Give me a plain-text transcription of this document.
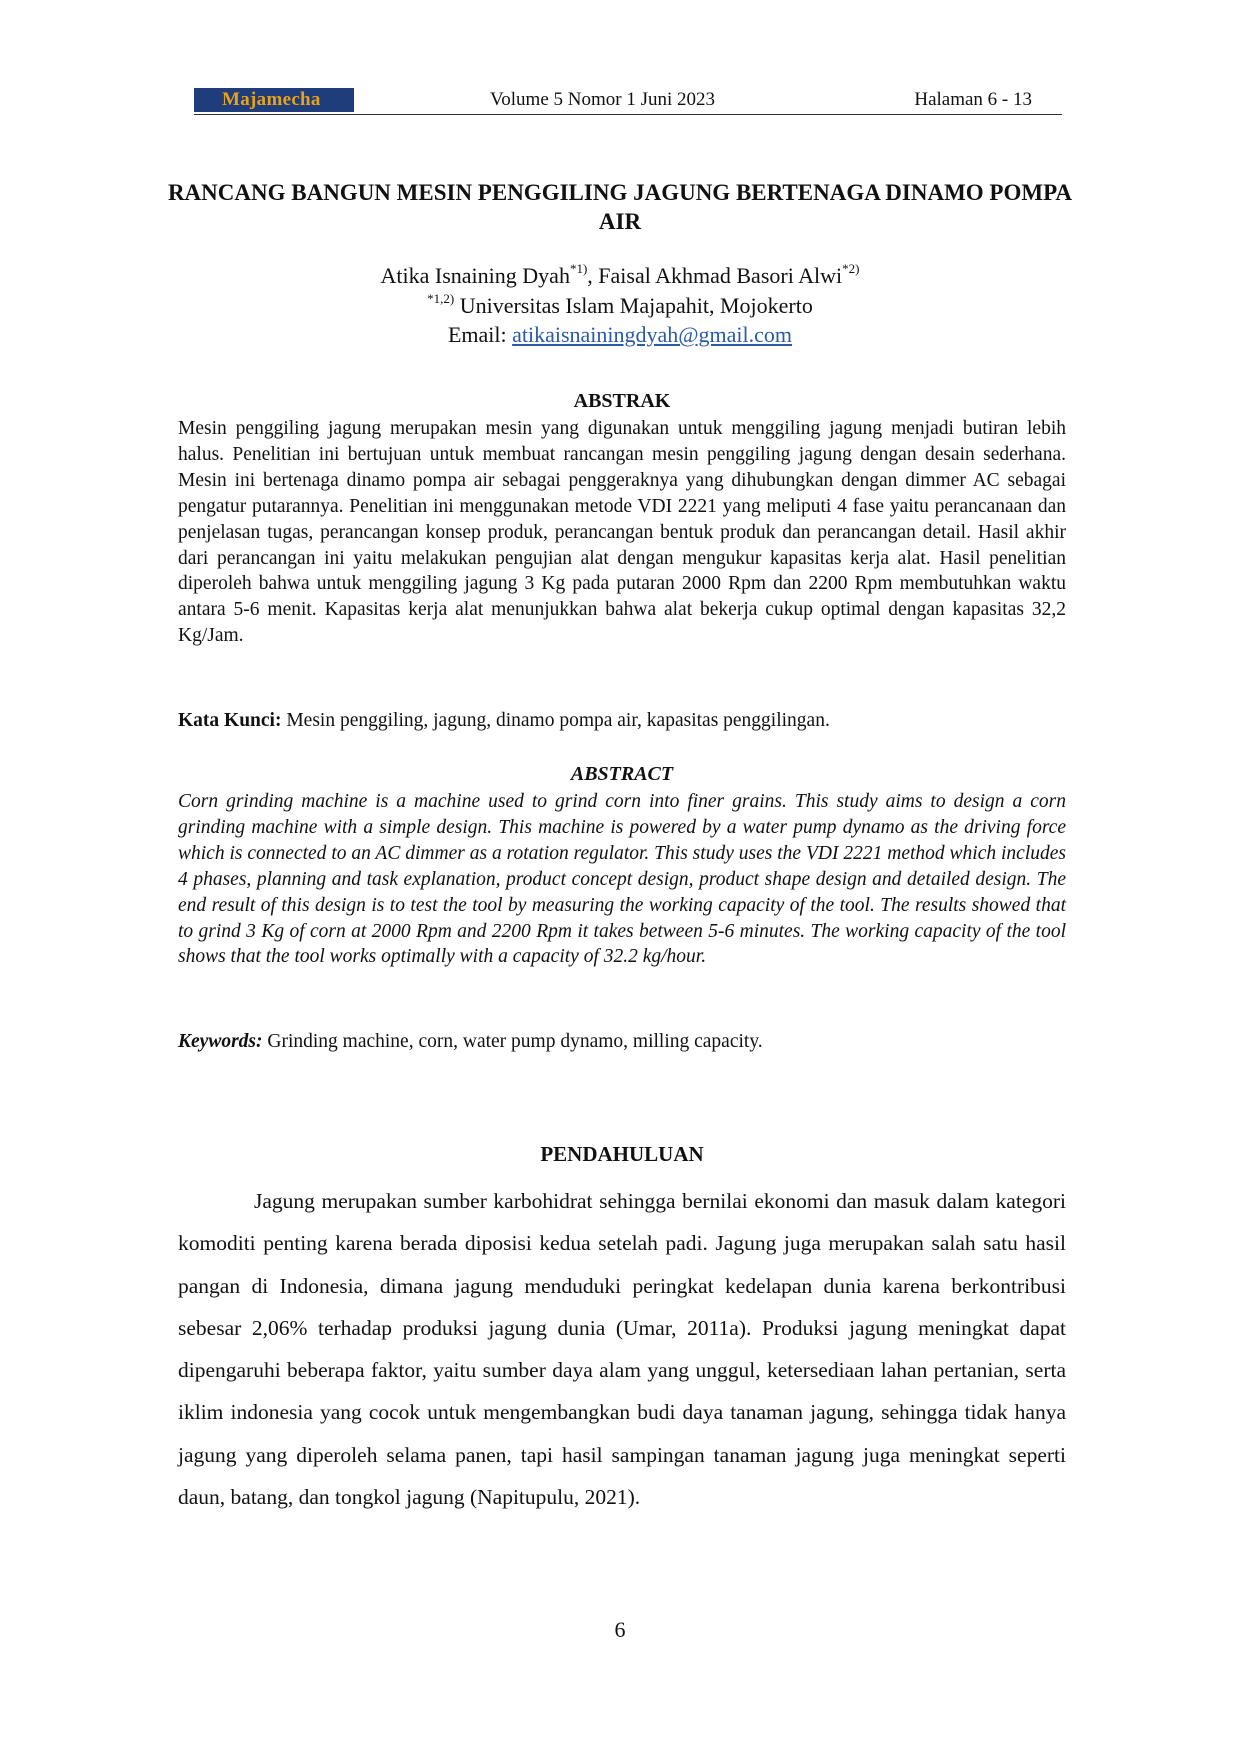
Majamecha	Volume 5 Nomor 1 Juni 2023	Halaman 6 - 13
RANCANG BANGUN MESIN PENGGILING JAGUNG BERTENAGA DINAMO POMPA AIR
Atika Isnaining Dyah$^{*1)}$, Faisal Akhmad Basori Alwi$^{*2)}$
$^{*1,2)}$ Universitas Islam Majapahit, Mojokerto
Email: atikaisnainingdyah@gmail.com
ABSTRAK
Mesin penggiling jagung merupakan mesin yang digunakan untuk menggiling jagung menjadi butiran lebih halus. Penelitian ini bertujuan untuk membuat rancangan mesin penggiling jagung dengan desain sederhana. Mesin ini bertenaga dinamo pompa air sebagai penggeraknya yang dihubungkan dengan dimmer AC sebagai pengatur putarannya. Penelitian ini menggunakan metode VDI 2221 yang meliputi 4 fase yaitu perancanaan dan penjelasan tugas, perancangan konsep produk, perancangan bentuk produk dan perancangan detail. Hasil akhir dari perancangan ini yaitu melakukan pengujian alat dengan mengukur kapasitas kerja alat. Hasil penelitian diperoleh bahwa untuk menggiling jagung 3 Kg pada putaran 2000 Rpm dan 2200 Rpm membutuhkan waktu antara 5-6 menit. Kapasitas kerja alat menunjukkan bahwa alat bekerja cukup optimal dengan kapasitas 32,2 Kg/Jam.
Kata Kunci: Mesin penggiling, jagung, dinamo pompa air, kapasitas penggilingan.
ABSTRACT
Corn grinding machine is a machine used to grind corn into finer grains. This study aims to design a corn grinding machine with a simple design. This machine is powered by a water pump dynamo as the driving force which is connected to an AC dimmer as a rotation regulator. This study uses the VDI 2221 method which includes 4 phases, planning and task explanation, product concept design, product shape design and detailed design. The end result of this design is to test the tool by measuring the working capacity of the tool. The results showed that to grind 3 Kg of corn at 2000 Rpm and 2200 Rpm it takes between 5-6 minutes. The working capacity of the tool shows that the tool works optimally with a capacity of 32.2 kg/hour.
Keywords: Grinding machine, corn, water pump dynamo, milling capacity.
PENDAHULUAN
Jagung merupakan sumber karbohidrat sehingga bernilai ekonomi dan masuk dalam kategori komoditi penting karena berada diposisi kedua setelah padi. Jagung juga merupakan salah satu hasil pangan di Indonesia, dimana jagung menduduki peringkat kedelapan dunia karena berkontribusi sebesar 2,06% terhadap produksi jagung dunia (Umar, 2011a). Produksi jagung meningkat dapat dipengaruhi beberapa faktor, yaitu sumber daya alam yang unggul, ketersediaan lahan pertanian, serta iklim indonesia yang cocok untuk mengembangkan budi daya tanaman jagung, sehingga tidak hanya jagung yang diperoleh selama panen, tapi hasil sampingan tanaman jagung juga meningkat seperti daun, batang, dan tongkol jagung (Napitupulu, 2021).
6
